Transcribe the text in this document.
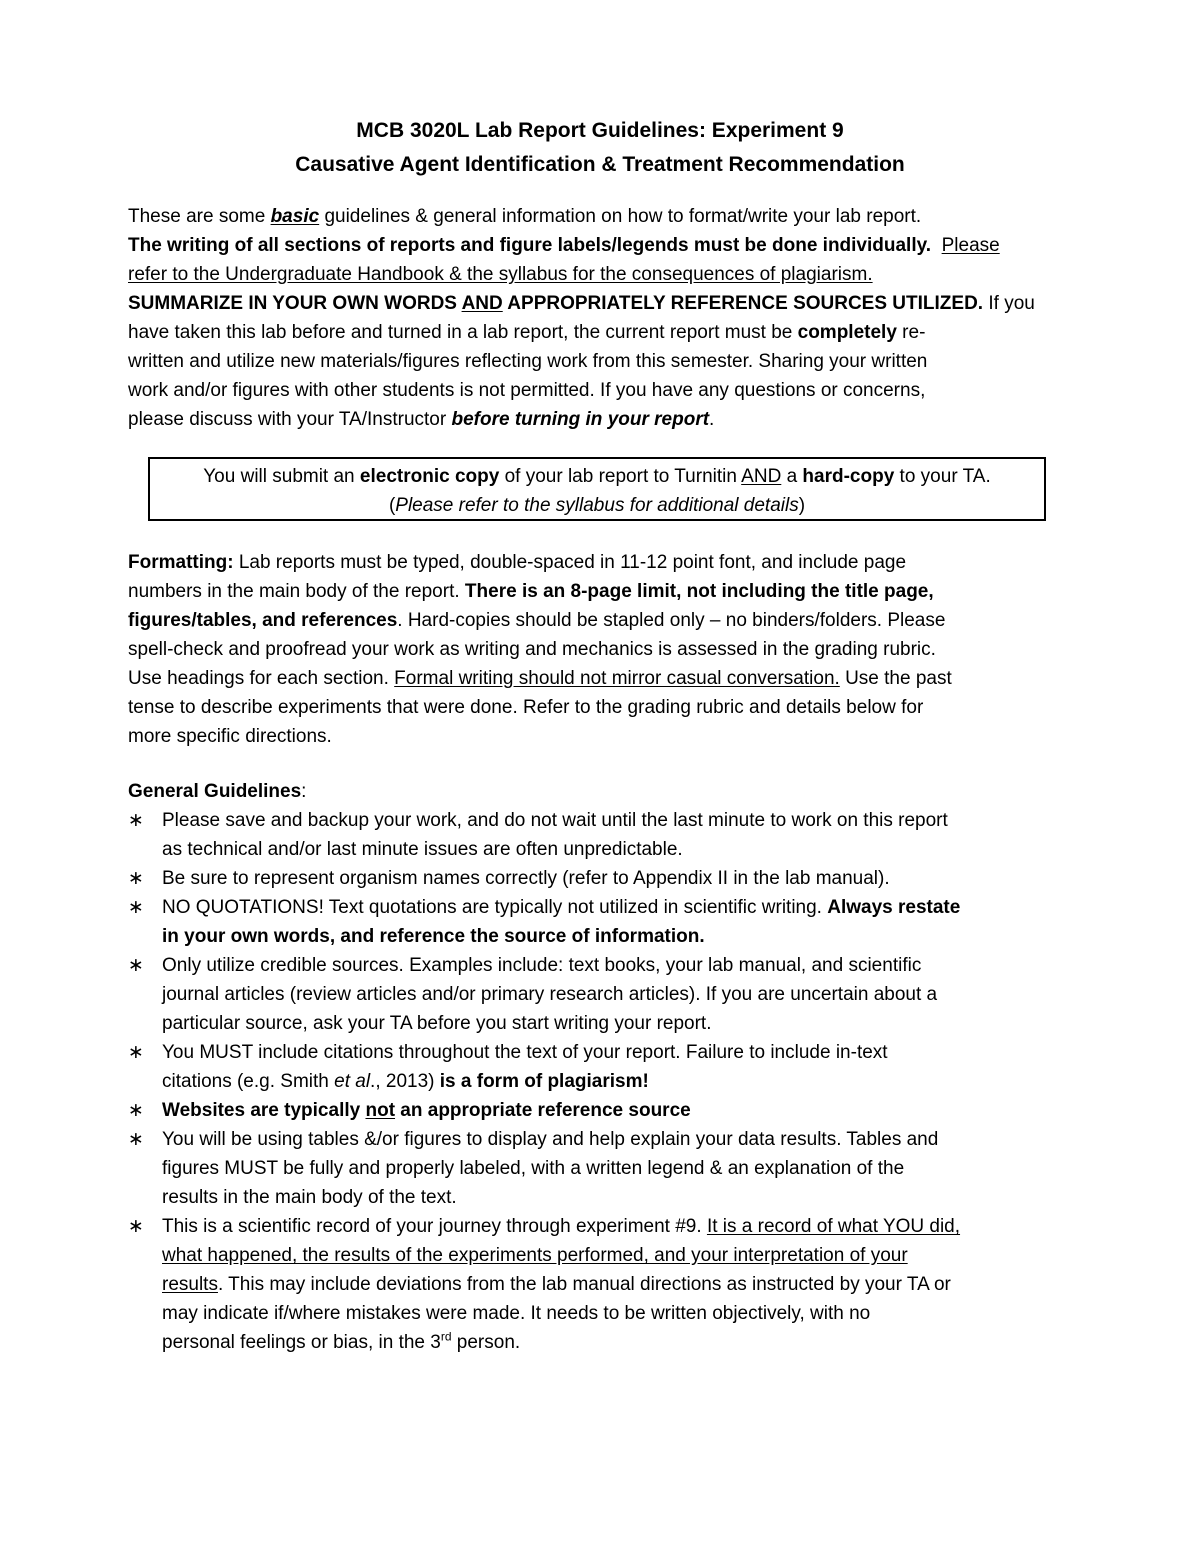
MCB 3020L Lab Report Guidelines: Experiment 9
Causative Agent Identification & Treatment Recommendation
These are some basic guidelines & general information on how to format/write your lab report.
The writing of all sections of reports and figure labels/legends must be done individually. Please
refer to the Undergraduate Handbook & the syllabus for the consequences of plagiarism.
SUMMARIZE IN YOUR OWN WORDS AND APPROPRIATELY REFERENCE SOURCES UTILIZED. If you
have taken this lab before and turned in a lab report, the current report must be completely re-
written and utilize new materials/figures reflecting work from this semester. Sharing your written
work and/or figures with other students is not permitted. If you have any questions or concerns,
please discuss with your TA/Instructor before turning in your report.
You will submit an electronic copy of your lab report to Turnitin AND a hard-copy to your TA.
(Please refer to the syllabus for additional details)
Formatting: Lab reports must be typed, double-spaced in 11-12 point font, and include page
numbers in the main body of the report. There is an 8-page limit, not including the title page,
figures/tables, and references. Hard-copies should be stapled only – no binders/folders. Please
spell-check and proofread your work as writing and mechanics is assessed in the grading rubric.
Use headings for each section. Formal writing should not mirror casual conversation. Use the past
tense to describe experiments that were done. Refer to the grading rubric and details below for
more specific directions.
General Guidelines:
∗ Please save and backup your work, and do not wait until the last minute to work on this report
as technical and/or last minute issues are often unpredictable.
∗ Be sure to represent organism names correctly (refer to Appendix II in the lab manual).
∗ NO QUOTATIONS! Text quotations are typically not utilized in scientific writing. Always restate
in your own words, and reference the source of information.
∗ Only utilize credible sources. Examples include: text books, your lab manual, and scientific
journal articles (review articles and/or primary research articles). If you are uncertain about a
particular source, ask your TA before you start writing your report.
∗ You MUST include citations throughout the text of your report. Failure to include in-text
citations (e.g. Smith et al., 2013) is a form of plagiarism!
∗ Websites are typically not an appropriate reference source
∗ You will be using tables &/or figures to display and help explain your data results. Tables and
figures MUST be fully and properly labeled, with a written legend & an explanation of the
results in the main body of the text.
∗ This is a scientific record of your journey through experiment #9. It is a record of what YOU did,
what happened, the results of the experiments performed, and your interpretation of your
results. This may include deviations from the lab manual directions as instructed by your TA or
may indicate if/where mistakes were made. It needs to be written objectively, with no
personal feelings or bias, in the 3rd person.
